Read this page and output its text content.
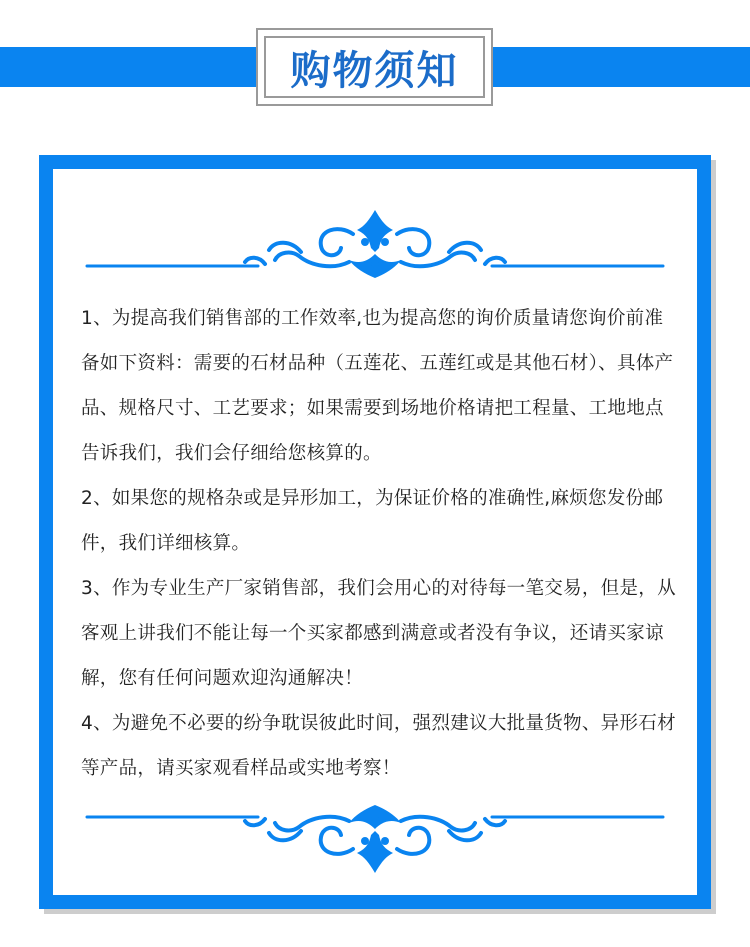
购物须知

1、为提高我们销售部的工作效率,也为提高您的询价质量请您询价前准备如下资料：需要的石材品种（五莲花、五莲红或是其他石材）、具体产品、规格尺寸、工艺要求；如果需要到场地价格请把工程量、工地地点告诉我们，我们会仔细给您核算的。

2、如果您的规格杂或是异形加工，为保证价格的准确性,麻烦您发份邮件，我们详细核算。

3、作为专业生产厂家销售部，我们会用心的对待每一笔交易，但是，从客观上讲我们不能让每一个买家都感到满意或者没有争议，还请买家谅解，您有任何问题欢迎沟通解决！

4、为避免不必要的纷争耽误彼此时间，强烈建议大批量货物、异形石材等产品，请买家观看样品或实地考察！
